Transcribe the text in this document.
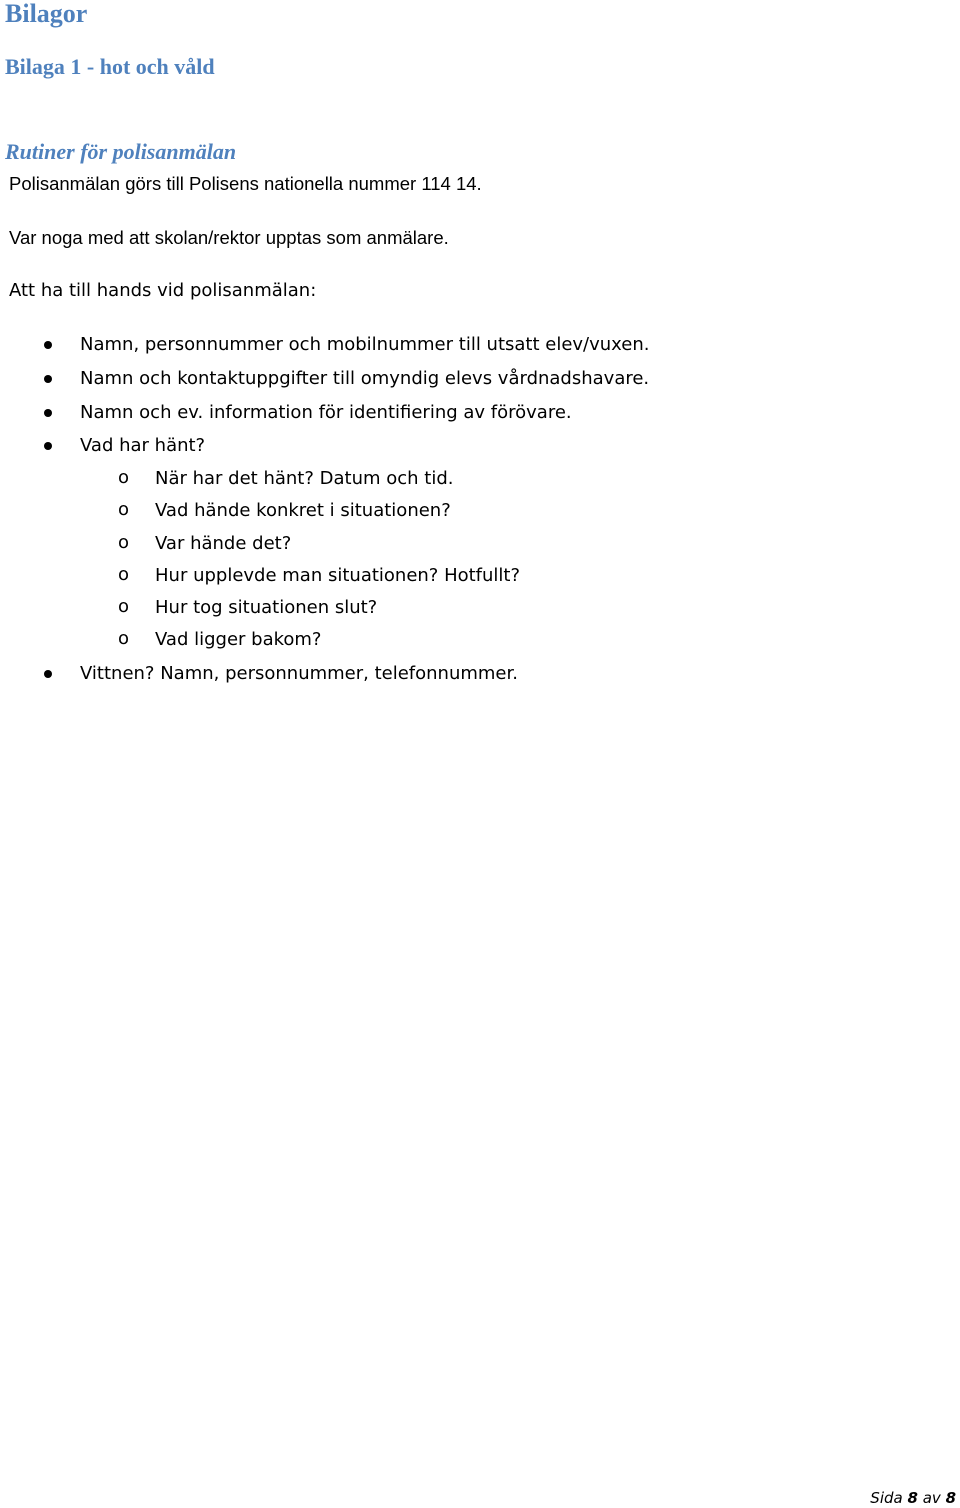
Bilagor
Bilaga 1 - hot och våld
Rutiner för polisanmälan
Polisanmälan görs till Polisens nationella nummer 114 14.
Var noga med att skolan/rektor upptas som anmälare.
Att ha till hands vid polisanmälan:
Namn, personnummer och mobilnummer till utsatt elev/vuxen.
Namn och kontaktuppgifter till omyndig elevs vårdnadshavare.
Namn och ev. information för identifiering av förövare.
Vad har hänt?
o När har det hänt? Datum och tid.
o Vad hände konkret i situationen?
o Var hände det?
o Hur upplevde man situationen? Hotfullt?
o Hur tog situationen slut?
o Vad ligger bakom?
Vittnen? Namn, personnummer, telefonnummer.
Sida 8 av 8
